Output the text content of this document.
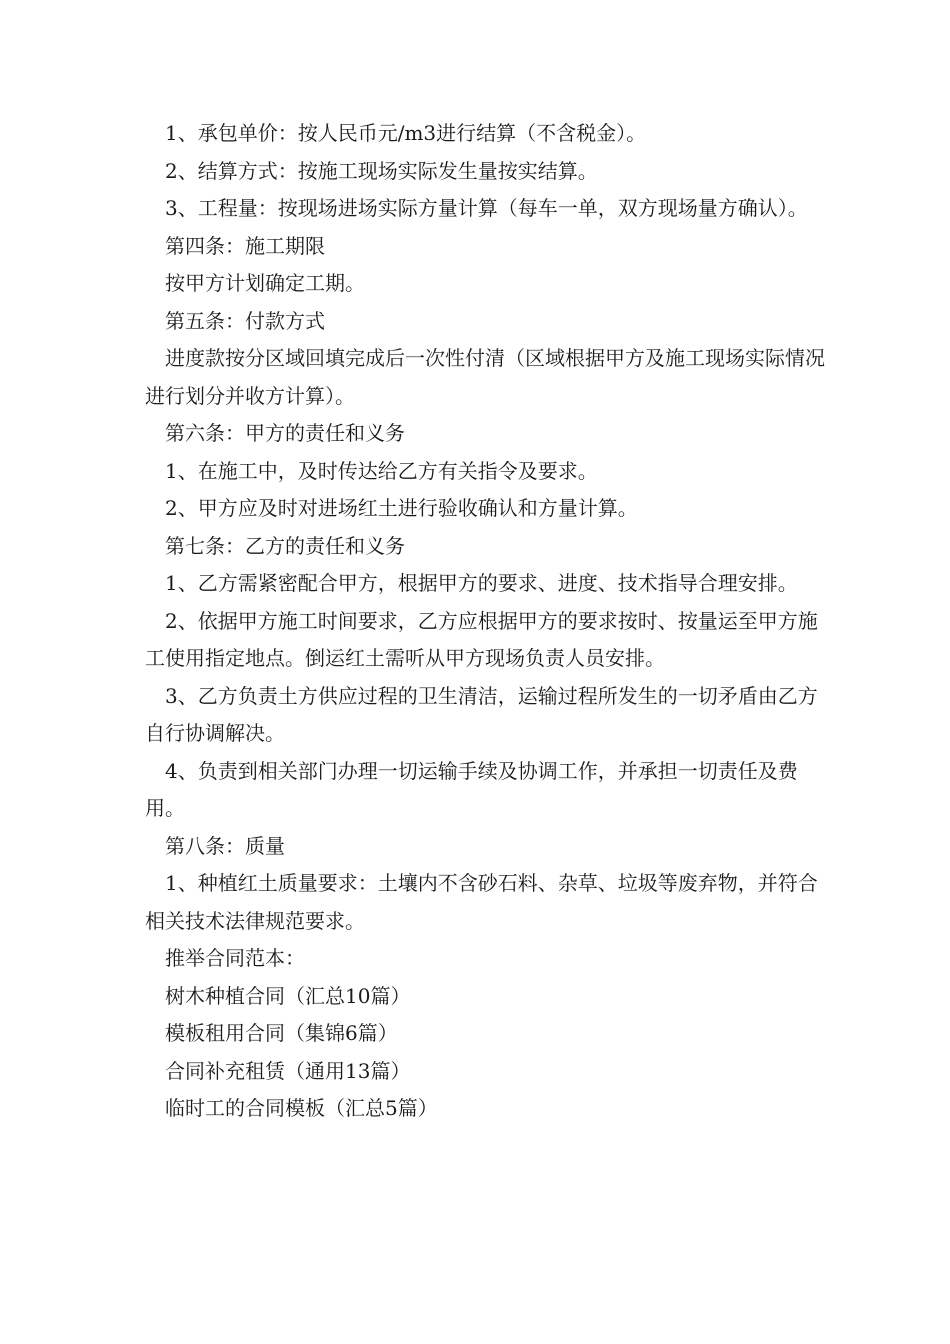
1、承包单价：按人民币元/m3进行结算（不含税金）。

2、结算方式：按施工现场实际发生量按实结算。

3、工程量：按现场进场实际方量计算（每车一单，双方现场量方确认）。

第四条：施工期限

按甲方计划确定工期。

第五条：付款方式

进度款按分区域回填完成后一次性付清（区域根据甲方及施工现场实际情况进行划分并收方计算）。

第六条：甲方的责任和义务

1、在施工中，及时传达给乙方有关指令及要求。

2、甲方应及时对进场红土进行验收确认和方量计算。

第七条：乙方的责任和义务

1、乙方需紧密配合甲方，根据甲方的要求、进度、技术指导合理安排。

2、依据甲方施工时间要求，乙方应根据甲方的要求按时、按量运至甲方施工使用指定地点。倒运红土需听从甲方现场负责人员安排。

3、乙方负责土方供应过程的卫生清洁，运输过程所发生的一切矛盾由乙方自行协调解决。

4、负责到相关部门办理一切运输手续及协调工作，并承担一切责任及费用。

第八条：质量

1、种植红土质量要求：土壤内不含砂石料、杂草、垃圾等废弃物，并符合相关技术法律规范要求。

推举合同范本：

树木种植合同（汇总10篇）

模板租用合同（集锦6篇）

合同补充租赁（通用13篇）

临时工的合同模板（汇总5篇）
